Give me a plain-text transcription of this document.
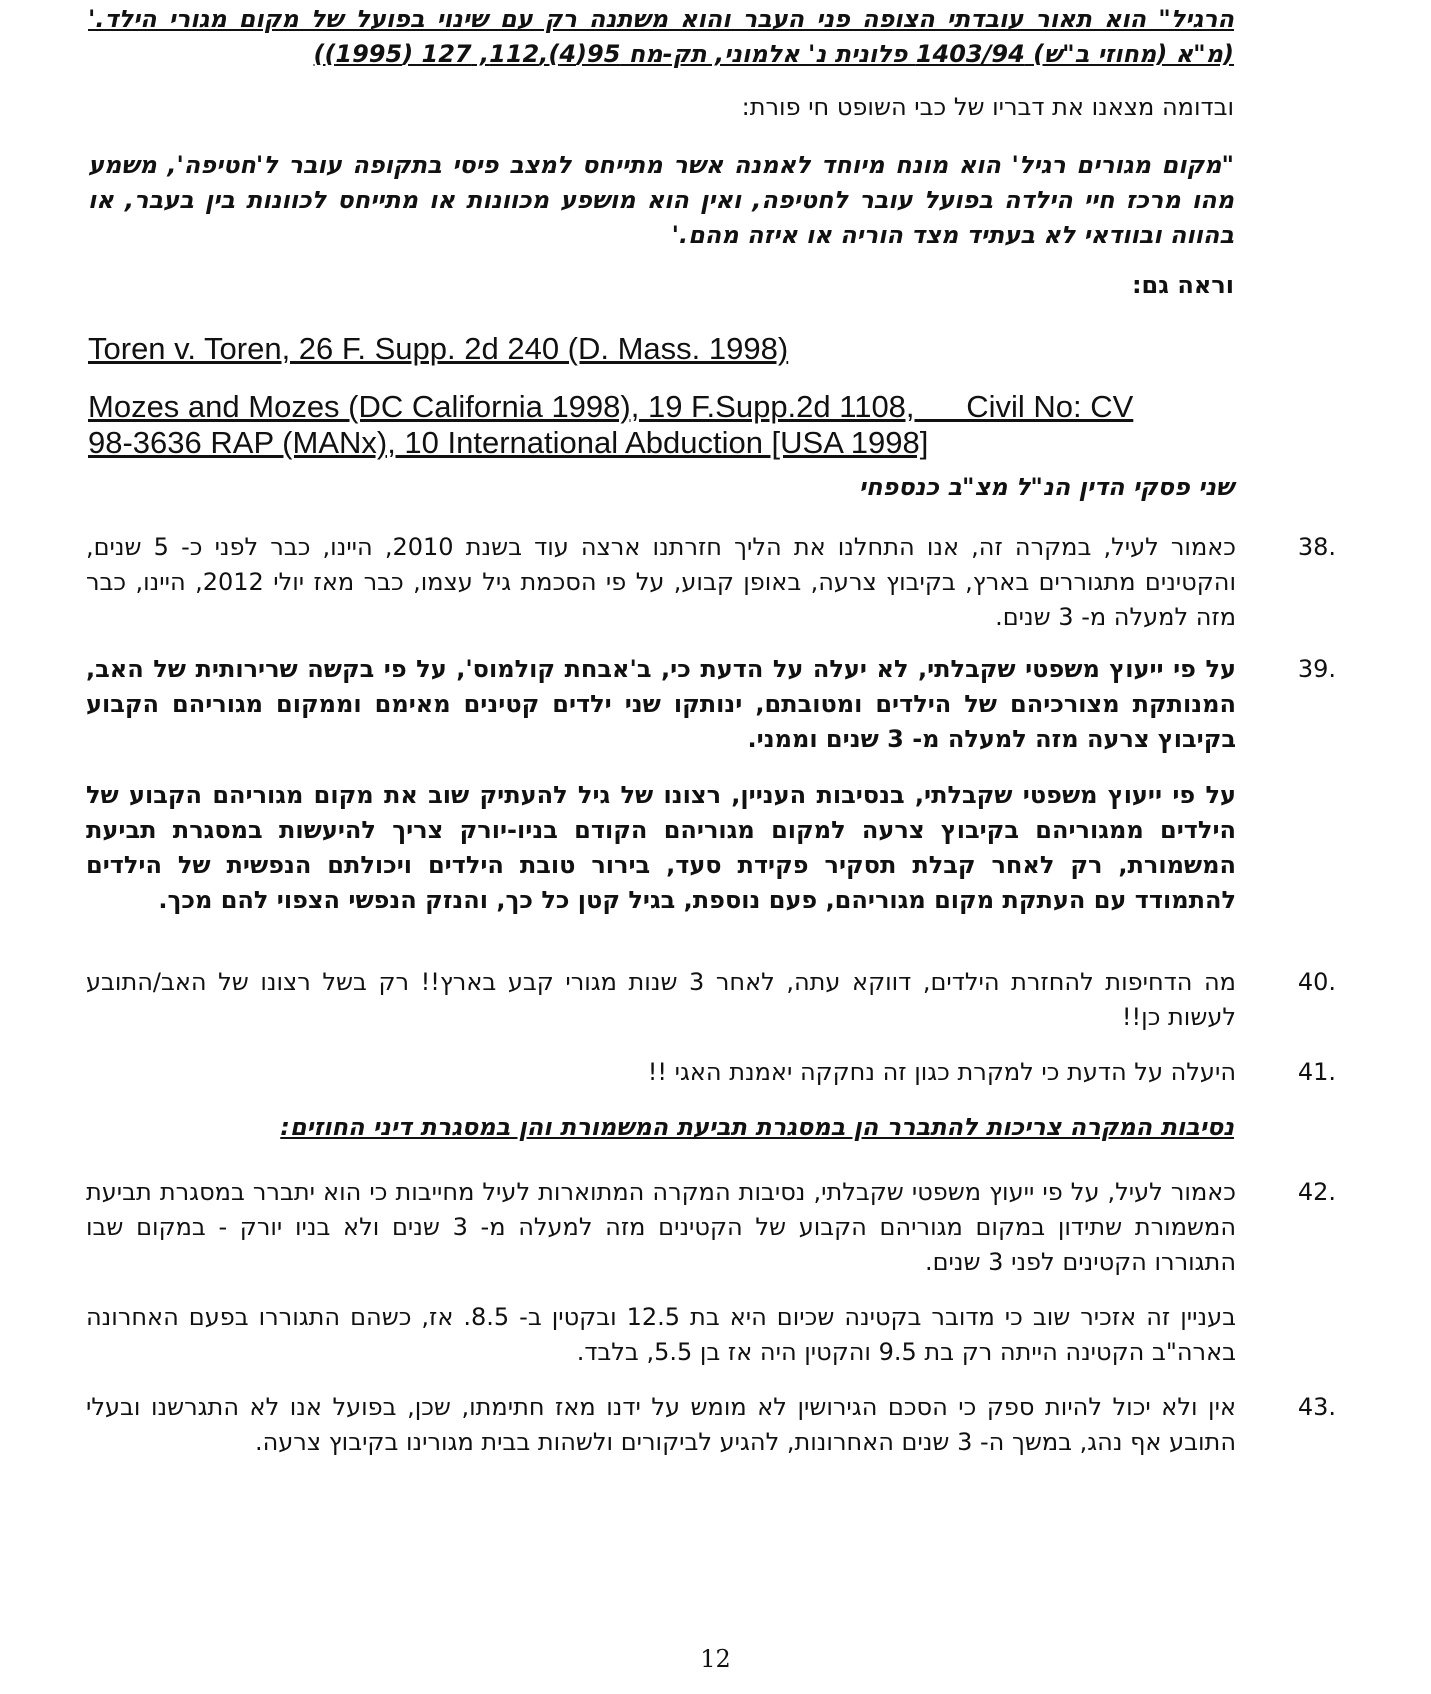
הרגיל" הוא תאור עובדתי הצופה פני העבר והוא משתנה רק עם שינוי בפועל של מקום מגורי הילד.' (מ"א (מחוזי ב"ש) 1403/94 פלונית נ' אלמוני, תק-מח 95(4),112, 127 (1995))
ובדומה מצאנו את דבריו של כבי השופט חי פורת:
"מקום מגורים רגיל' הוא מונח מיוחד לאמנה אשר מתייחס למצב פיסי בתקופה עובר ל'חטיפה', משמע מהו מרכז חיי הילדה בפועל עובר לחטיפה, ואין הוא מושפע מכוונות או מתייחס לכוונות בין בעבר, או בהווה ובוודאי לא בעתיד מצד הוריה או איזה מהם.'
וראה גם:
Toren v. Toren, 26 F. Supp. 2d 240 (D. Mass. 1998)
Mozes and Mozes (DC California 1998), 19 F.Supp.2d 1108,      Civil No: CV
98-3636 RAP (MANx), 10 International Abduction [USA 1998]
שני פסקי הדין הנ"ל מצ"ב כנספחי
38.
כאמור לעיל, במקרה זה, אנו התחלנו את הליך חזרתנו ארצה עוד בשנת 2010, היינו, כבר לפני כ- 5 שנים, והקטינים מתגוררים בארץ, בקיבוץ צרעה, באופן קבוע, על פי הסכמת גיל עצמו, כבר מאז יולי 2012, היינו, כבר מזה למעלה מ- 3 שנים.
39.
על פי ייעוץ משפטי שקבלתי, לא יעלה על הדעת כי, ב'אבחת קולמוס', על פי בקשה שרירותית של האב, המנותקת מצורכיהם של הילדים ומטובתם, ינותקו שני ילדים קטינים מאימם וממקום מגוריהם הקבוע בקיבוץ צרעה מזה למעלה מ- 3 שנים וממני.
על פי ייעוץ משפטי שקבלתי, בנסיבות העניין, רצונו של גיל להעתיק שוב את מקום מגוריהם הקבוע של הילדים ממגוריהם בקיבוץ צרעה למקום מגוריהם הקודם בניו-יורק צריך להיעשות במסגרת תביעת המשמורת, רק לאחר קבלת תסקיר פקידת סעד, בירור טובת הילדים ויכולתם הנפשית של הילדים להתמודד עם העתקת מקום מגוריהם, פעם נוספת, בגיל קטן כל כך, והנזק הנפשי הצפוי להם מכך.
40.
מה הדחיפות להחזרת הילדים, דווקא עתה, לאחר 3 שנות מגורי קבע בארץ!! רק בשל רצונו של האב/התובע לעשות כן!!
41.
היעלה על הדעת כי למקרת כגון זה נחקקה יאמנת האגי !!
נסיבות המקרה צריכות להתברר הן במסגרת תביעת המשמורת והן במסגרת דיני החוזים:
42.
כאמור לעיל, על פי ייעוץ משפטי שקבלתי, נסיבות המקרה המתוארות לעיל מחייבות כי הוא יתברר במסגרת תביעת המשמורת שתידון במקום מגוריהם הקבוע של הקטינים מזה למעלה מ- 3 שנים ולא בניו יורק - במקום שבו התגוררו הקטינים לפני 3 שנים.
בעניין זה אזכיר שוב כי מדובר בקטינה שכיום היא בת 12.5 ובקטין ב- 8.5. אז, כשהם התגוררו בפעם האחרונה בארה"ב הקטינה הייתה רק בת 9.5 והקטין היה אז בן 5.5, בלבד.
43.
אין ולא יכול להיות ספק כי הסכם הגירושין לא מומש על ידנו מאז חתימתו, שכן, בפועל אנו לא התגרשנו ובעלי התובע אף נהג, במשך ה- 3 שנים האחרונות, להגיע לביקורים ולשהות בבית מגורינו בקיבוץ צרעה.
12
